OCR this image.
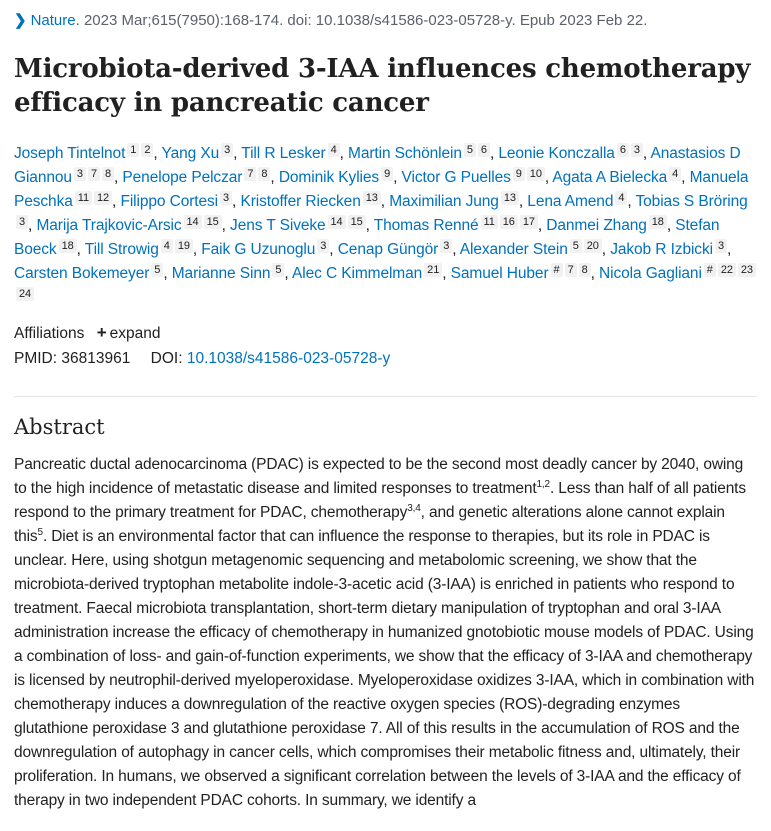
❯ Nature. 2023 Mar;615(7950):168-174. doi: 10.1038/s41586-023-05728-y. Epub 2023 Feb 22.
Microbiota-derived 3-IAA influences chemotherapy efficacy in pancreatic cancer
Joseph Tintelnot 1 2 , Yang Xu 3 , Till R Lesker 4 , Martin Schönlein 5 6 , Leonie Konczalla 6 3 , Anastasios D Giannou 3 7 8 , Penelope Pelczar 7 8 , Dominik Kylies 9 , Victor G Puelles 9 10 , Agata A Bielecka 4 , Manuela Peschka 11 12 , Filippo Cortesi 3 , Kristoffer Riecken 13 , Maximilian Jung 13 , Lena Amend 4 , Tobias S Bröring3 , Marija Trajkovic-Arsic 14 15 , Jens T Siveke 14 15 , Thomas Renné 11 16 17 , Danmei Zhang 18 , Stefan Boeck 18 , Till Strowig 4 19 , Faik G Uzunoglu 3 , Cenap Güngör 3 , Alexander Stein 5 20 , Jakob R Izbicki 3 , Carsten Bokemeyer 5 , Marianne Sinn 5 , Alec C Kimmelman 21 , Samuel Huber # 7 8 , Nicola Gagliani # 22 2324
Affiliations + expand
PMID: 36813961 DOI: 10.1038/s41586-023-05728-y
Abstract
Pancreatic ductal adenocarcinoma (PDAC) is expected to be the second most deadly cancer by 2040, owing to the high incidence of metastatic disease and limited responses to treatment$^{1,2}$. Less than half of all patients respond to the primary treatment for PDAC, chemotherapy$^{3,4}$, and genetic alterations alone cannot explain this$^5$. Diet is an environmental factor that can influence the response to therapies, but its role in PDAC is unclear. Here, using shotgun metagenomic sequencing and metabolomic screening, we show that the microbiota-derived tryptophan metabolite indole-3-acetic acid (3-IAA) is enriched in patients who respond to treatment. Faecal microbiota transplantation, short-term dietary manipulation of tryptophan and oral 3-IAA administration increase the efficacy of chemotherapy in humanized gnotobiotic mouse models of PDAC. Using a combination of loss- and gain-of-function experiments, we show that the efficacy of 3-IAA and chemotherapy is licensed by neutrophil-derived myeloperoxidase. Myeloperoxidase oxidizes 3-IAA, which in combination with chemotherapy induces a downregulation of the reactive oxygen species (ROS)-degrading enzymes glutathione peroxidase 3 and glutathione peroxidase 7. All of this results in the accumulation of ROS and the downregulation of autophagy in cancer cells, which compromises their metabolic fitness and, ultimately, their proliferation. In humans, we observed a significant correlation between the levels of 3-IAA and the efficacy of therapy in two independent PDAC cohorts. In summary, we identify a
